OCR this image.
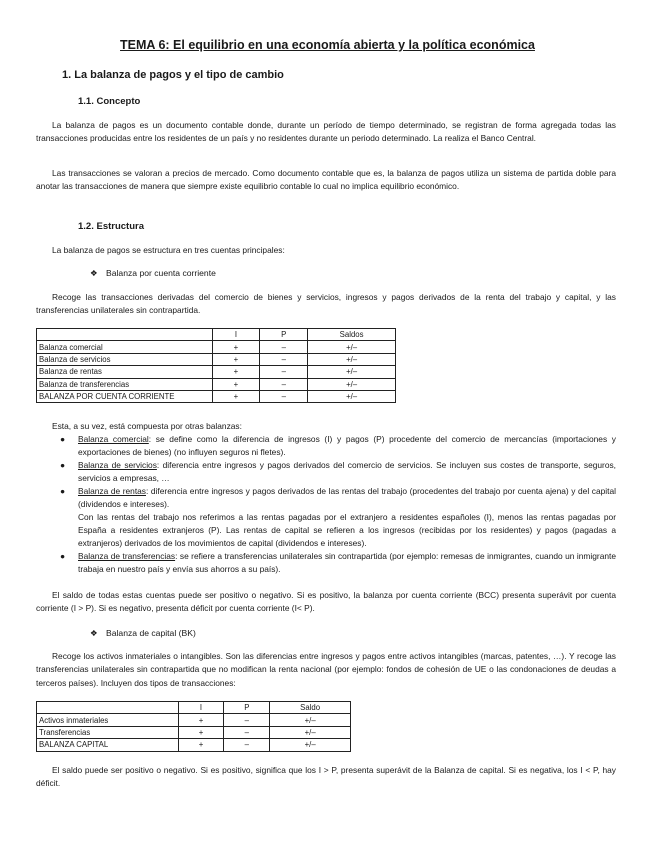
TEMA 6: El equilibrio en una economía abierta y la política económica
1. La balanza de pagos y el tipo de cambio
1.1. Concepto

La balanza de pagos es un documento contable donde, durante un período de tiempo determinado, se registran de forma agregada todas las transacciones producidas entre los residentes de un país y no residentes durante un periodo determinado. La realiza el Banco Central.

Las transacciones se valoran a precios de mercado. Como documento contable que es, la balanza de pagos utiliza un sistema de partida doble para anotar las transacciones de manera que siempre existe equilibrio contable lo cual no implica equilibrio económico.

1.2. Estructura

La balanza de pagos se estructura en tres cuentas principales:

❖ Balanza por cuenta corriente

Recoge las transacciones derivadas del comercio de bienes y servicios, ingresos y pagos derivados de la renta del trabajo y capital, y las transferencias unilaterales sin contrapartida.

	I	P	Saldos
Balanza comercial	+	–	+/–
Balanza de servicios	+	–	+/–
Balanza de rentas	+	–	+/–
Balanza de transferencias	+	–	+/–
BALANZA POR CUENTA CORRIENTE	+	–	+/–

Esta, a su vez, está compuesta por otras balanzas:

● Balanza comercial: se define como la diferencia de ingresos (I) y pagos (P) procedente del comercio de mercancías (importaciones y exportaciones de bienes) (no influyen seguros ni fletes).
● Balanza de servicios: diferencia entre ingresos y pagos derivados del comercio de servicios. Se incluyen sus costes de transporte, seguros, servicios a empresas, …
● Balanza de rentas: diferencia entre ingresos y pagos derivados de las rentas del trabajo (procedentes del trabajo por cuenta ajena) y del capital (dividendos e intereses).
Con las rentas del trabajo nos referimos a las rentas pagadas por el extranjero a residentes españoles (I), menos las rentas pagadas por España a residentes extranjeros (P). Las rentas de capital se refieren a los ingresos (recibidas por los residentes) y pagos (pagadas a extranjeros) derivados de los movimientos de capital (dividendos e intereses).
● Balanza de transferencias: se refiere a transferencias unilaterales sin contrapartida (por ejemplo: remesas de inmigrantes, cuando un inmigrante trabaja en nuestro país y envía sus ahorros a su país).

El saldo de todas estas cuentas puede ser positivo o negativo. Si es positivo, la balanza por cuenta corriente (BCC) presenta superávit por cuenta corriente (I > P). Si es negativo, presenta déficit por cuenta corriente (I< P).

❖ Balanza de capital (BK)

Recoge los activos inmateriales o intangibles. Son las diferencias entre ingresos y pagos entre activos intangibles (marcas, patentes, …). Y recoge las transferencias unilaterales sin contrapartida que no modifican la renta nacional (por ejemplo: fondos de cohesión de UE o las condonaciones de deudas a terceros países). Incluyen dos tipos de transacciones:

	I	P	Saldo
Activos inmateriales	+	–	+/–
Transferencias	+	–	+/–
BALANZA CAPITAL	+	–	+/–

El saldo puede ser positivo o negativo. Si es positivo, significa que los I > P, presenta superávit de la Balanza de capital. Si es negativa, los I < P, hay déficit.
